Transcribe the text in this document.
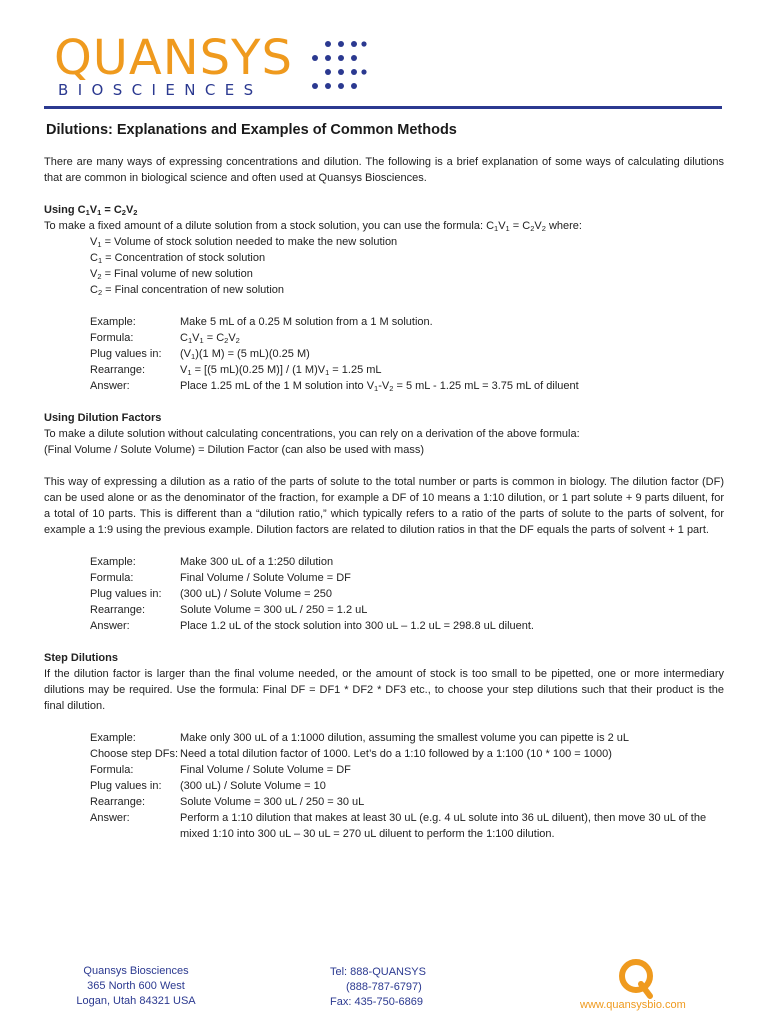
QUANSYS
BIOSCIENCES
Dilutions: Explanations and Examples of Common Methods

There are many ways of expressing concentrations and dilution. The following is a brief explanation of some ways of calculating dilutions that are common in biological science and often used at Quansys Biosciences.

Using $C_1V_1 = C_2V_2$
To make a fixed amount of a dilute solution from a stock solution, you can use the formula: $C_1V_1 = C_2V_2$ where:
$V_1$ = Volume of stock solution needed to make the new solution
$C_1$ = Concentration of stock solution
$V_2$ = Final volume of new solution
$C_2$ = Final concentration of new solution
Example:	Make 5 mL of a 0.25 M solution from a 1 M solution.
Formula:	$C_1V_1 = C_2V_2$
Plug values in:	$(V_1)(1$ M) = (5 mL)(0.25 M)
Rearrange:	$V_1 = [(5$ mL)(0.25 M)] / (1 $M)V_1 = 1.25$ mL
Answer:	Place 1.25 mL of the 1 M solution into $V_1-V_2 = 5$ mL - 1.25 mL = 3.75 mL of diluent
Using Dilution Factors
To make a dilute solution without calculating concentrations, you can rely on a derivation of the above formula:
(Final Volume / Solute Volume) = Dilution Factor (can also be used with mass)

This way of expressing a dilution as a ratio of the parts of solute to the total number or parts is common in biology. The dilution factor (DF) can be used alone or as the denominator of the fraction, for example a DF of 10 means a 1:10 dilution, or 1 part solute + 9 parts diluent, for a total of 10 parts. This is different than a “dilution ratio,” which typically refers to a ratio of the parts of solute to the parts of solvent, for example a 1:9 using the previous example. Dilution factors are related to dilution ratios in that the DF equals the parts of solvent + 1 part.

Example:	Make 300 uL of a 1:250 dilution
Formula:	Final Volume / Solute Volume = DF
Plug values in:	(300 uL) / Solute Volume = 250
Rearrange:	Solute Volume = 300 uL / 250 = 1.2 uL
Answer:	Place 1.2 uL of the stock solution into 300 uL – 1.2 uL = 298.8 uL diluent.
Step Dilutions

If the dilution factor is larger than the final volume needed, or the amount of stock is too small to be pipetted, one or more intermediary dilutions may be required. Use the formula: Final DF = DF1 * DF2 * DF3 etc., to choose your step dilutions such that their product is the final dilution.

Example:	Make only 300 uL of a 1:1000 dilution, assuming the smallest volume you can pipette is 2 uL
Choose step DFs: Need a total dilution factor of 1000. Let’s do a 1:10 followed by a 1:100 (10 * 100 = 1000)
Formula:	Final Volume / Solute Volume = DF
Plug values in:	(300 uL) / Solute Volume = 10
Rearrange:	Solute Volume = 300 uL / 250 = 30 uL
Answer:	Perform a 1:10 dilution that makes at least 30 uL (e.g. 4 uL solute into 36 uL diluent), then move 30 uL of the mixed 1:10 into 300 uL – 30 uL = 270 uL diluent to perform the 1:100 dilution.
Quansys Biosciences
365 North 600 West
Logan, Utah 84321 USA
Tel: 888-QUANSYS
(888-787-6797)
Fax: 435-750-6869	www.quansysbio.com
